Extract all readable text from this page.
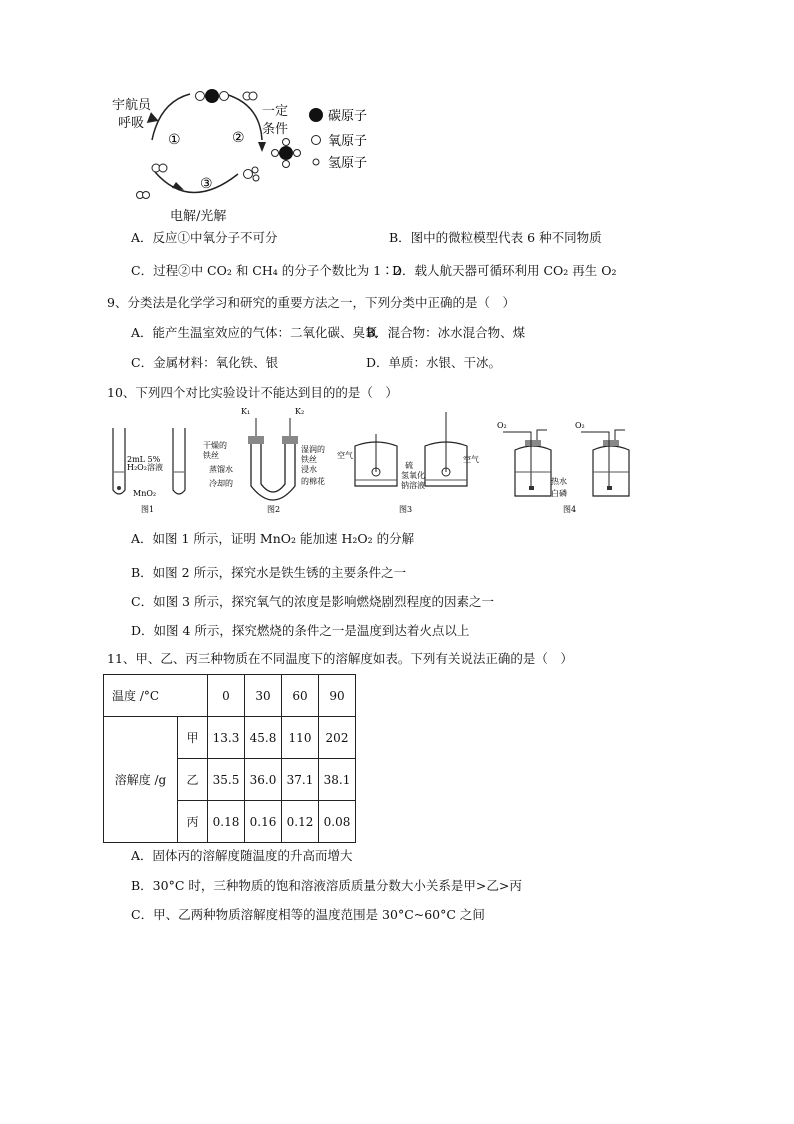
①	②
③
碳原子
氧原子
氢原子
宇航员
呼吸
一定
条件
电解/光解
A．反应①中氧分子不可分	B．图中的微粒模型代表 6 种不同物质
C．过程②中 CO₂ 和 CH₄ 的分子个数比为 1∶2
D．载人航天器可循环利用 CO₂ 再生 O₂
9、分类法是化学学习和研究的重要方法之一，下列分类中正确的是（　）
A．能产生温室效应的气体：二氧化碳、臭氧
B．混合物：冰水混合物、煤
C．金属材料：氧化铁、银	D．单质：水银、干冰。
10、下列四个对比实验设计不能达到目的的是（　）
2mL 5%
H₂O₂溶液
MnO₂
图1
K₁	K₂
干燥的
铁丝
蒸馏水
冷却的
湿润的
铁丝
浸水
的棉花
图2
空气	空气
硫
氢氧化
钠溶液
图3
O₂	O₂
热水
白磷
图4
A．如图 1 所示，证明 MnO₂ 能加速 H₂O₂ 的分解
B．如图 2 所示，探究水是铁生锈的主要条件之一
C．如图 3 所示，探究氧气的浓度是影响燃烧剧烈程度的因素之一
D．如图 4 所示，探究燃烧的条件之一是温度到达着火点以上
11、甲、乙、丙三种物质在不同温度下的溶解度如表。下列有关说法正确的是（　）
温度 /°C		0	30	60	90
溶解度 /g	甲	13.3	45.8	110	202
	乙	35.5	36.0	37.1	38.1
	丙	0.18	0.16	0.12	0.08
A．固体丙的溶解度随温度的升高而增大
B．30°C 时，三种物质的饱和溶液溶质质量分数大小关系是甲>乙>丙
C．甲、乙两种物质溶解度相等的温度范围是 30°C~60°C 之间
